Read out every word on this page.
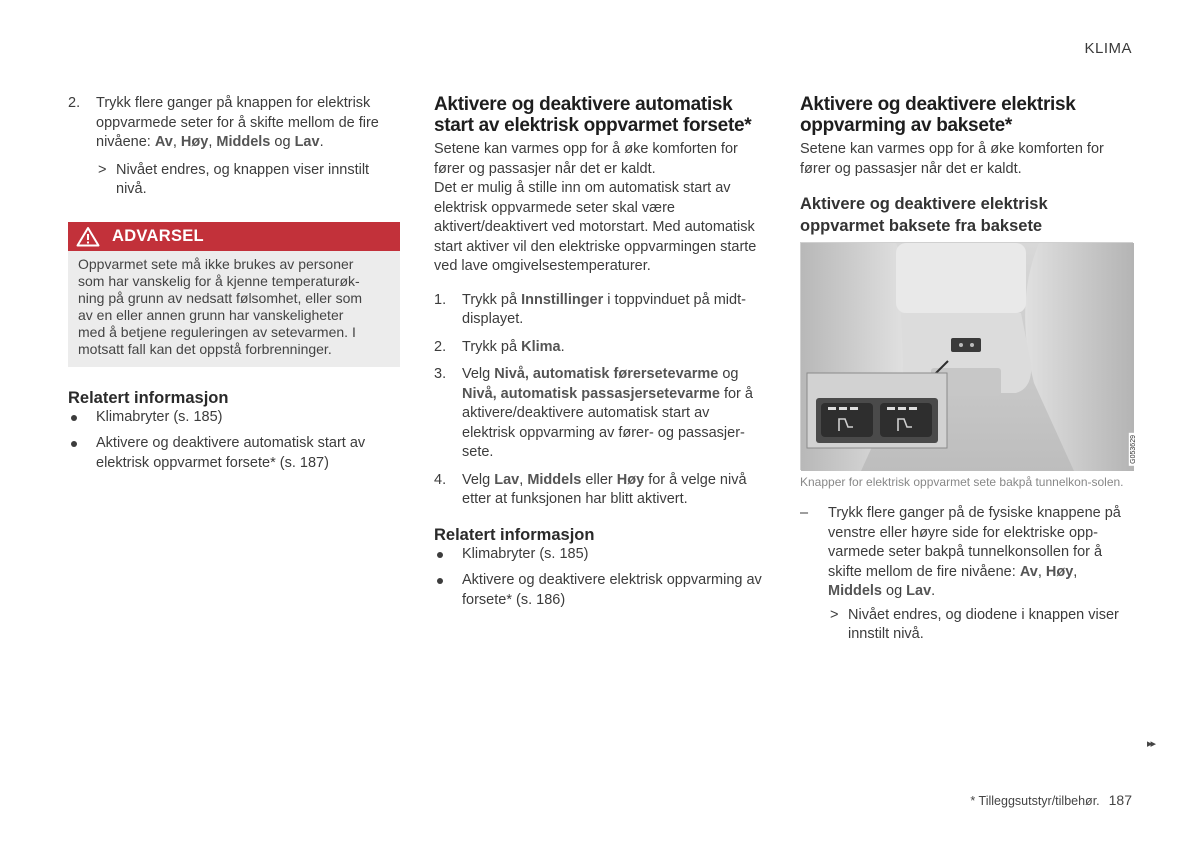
KLIMA
2. Trykk flere ganger på knappen for elektrisk oppvarmede seter for å skifte mellom de fire nivåene: Av, Høy, Middels og Lav.
> Nivået endres, og knappen viser innstilt nivå.
ADVARSEL
Oppvarmet sete må ikke brukes av personer
som har vanskelig for å kjenne temperaturøk-
ning på grunn av nedsatt følsomhet, eller som
av en eller annen grunn har vanskeligheter
med å betjene reguleringen av setevarmen. I
motsatt fall kan det oppstå forbrenninger.
Relatert informasjon
Klimabryter (s. 185)
Aktivere og deaktivere automatisk start av elektrisk oppvarmet forsete* (s. 187)
Aktivere og deaktivere automatisk start av elektrisk oppvarmet forsete*

Setene kan varmes opp for å øke komforten for fører og passasjer når det er kaldt.

Det er mulig å stille inn om automatisk start av elektrisk oppvarmede seter skal være aktivert/deaktivert ved motorstart. Med automatisk start aktiver vil den elektriske oppvarmingen starte ved lave omgivelsestemperaturer.

1. Trykk på Innstillinger i toppvinduet på midt-displayet.
2. Trykk på Klima.
3. Velg Nivå, automatisk førersetevarme og Nivå, automatisk passasjersetevarme for å aktivere/deaktivere automatisk start av elektrisk oppvarming av fører- og passasjer-sete.
4. Velg Lav, Middels eller Høy for å velge nivå etter at funksjonen har blitt aktivert.
Relatert informasjon
Klimabryter (s. 185)
Aktivere og deaktivere elektrisk oppvarming av forsete* (s. 186)
Aktivere og deaktivere elektrisk oppvarming av baksete*

Setene kan varmes opp for å øke komforten for fører og passasjer når det er kaldt.

Aktivere og deaktivere elektrisk oppvarmet baksete fra baksete
G053629
Knapper for elektrisk oppvarmet sete bakpå tunnelkon-solen.
– Trykk flere ganger på de fysiske knappene på venstre eller høyre side for elektriske opp-varmede seter bakpå tunnelkonsollen for å skifte mellom de fire nivåene: Av, Høy, Middels og Lav.
> Nivået endres, og diodene i knappen viser innstilt nivå.
▸▸
* Tilleggsutstyr/tilbehør. 187
